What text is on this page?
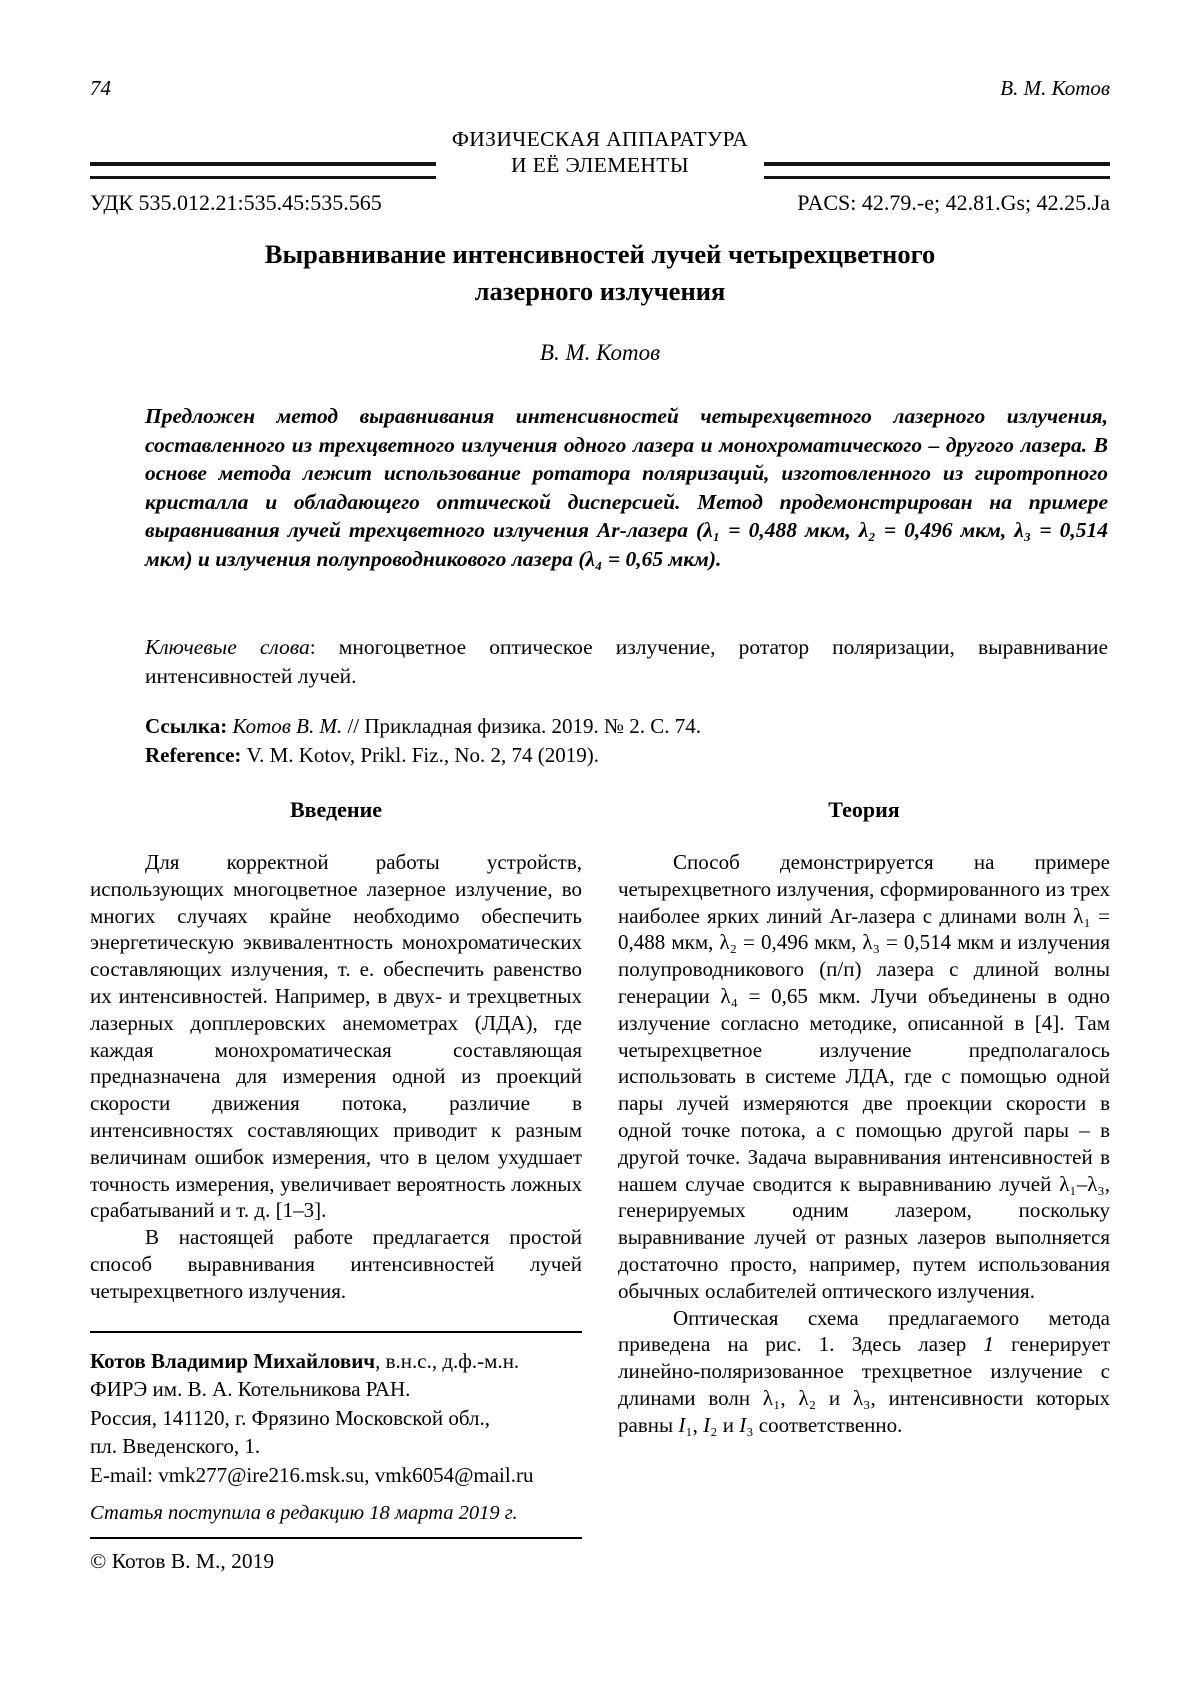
74	В. М. Котов
ФИЗИЧЕСКАЯ АППАРАТУРА
И ЕЁ ЭЛЕМЕНТЫ
УДК 535.012.21:535.45:535.565	PACS: 42.79.-e; 42.81.Gs; 42.25.Ja
Выравнивание интенсивностей лучей четырехцветного
лазерного излучения
В. М. Котов
Предложен метод выравнивания интенсивностей четырехцветного лазерного излучения, составленного из трехцветного излучения одного лазера и монохроматического – другого лазера. В основе метода лежит использование ротатора поляризаций, изготовленного из гиротропного кристалла и обладающего оптической дисперсией. Метод продемонстрирован на примере выравнивания лучей трехцветного излучения Ar-лазера (λ₁ = 0,488 мкм, λ₂ = 0,496 мкм, λ₃ = 0,514 мкм) и излучения полупроводникового лазера (λ₄ = 0,65 мкм).
Ключевые слова: многоцветное оптическое излучение, ротатор поляризации, выравнивание интенсивностей лучей.
Ссылка: Котов В. М. // Прикладная физика. 2019. № 2. С. 74.
Reference: V. M. Kotov, Prikl. Fiz., No. 2, 74 (2019).
Введение

Для корректной работы устройств, использующих многоцветное лазерное излучение, во многих случаях крайне необходимо обеспечить энергетическую эквивалентность монохроматических составляющих излучения, т. е. обеспечить равенство их интенсивностей. Например, в двух- и трехцветных лазерных допплеровских анемометрах (ЛДА), где каждая монохроматическая составляющая предназначена для измерения одной из проекций скорости движения потока, различие в интенсивностях составляющих приводит к разным величинам ошибок измерения, что в целом ухудшает точность измерения, увеличивает вероятность ложных срабатываний и т. д. [1–3].

В настоящей работе предлагается простой способ выравнивания интенсивностей лучей четырехцветного излучения.

Котов Владимир Михайлович, в.н.с., д.ф.-м.н.
ФИРЭ им. В. А. Котельникова РАН.
Россия, 141120, г. Фрязино Московской обл.,
пл. Введенского, 1.
E-mail: vmk277@ire216.msk.su, vmk6054@mail.ru
Статья поступила в редакцию 18 марта 2019 г.
© Котов В. М., 2019
Теория

Способ демонстрируется на примере четырехцветного излучения, сформированного из трех наиболее ярких линий Ar-лазера с длинами волн λ₁ = 0,488 мкм, λ₂ = 0,496 мкм, λ₃ = 0,514 мкм и излучения полупроводникового (п/п) лазера с длиной волны генерации λ₄ = 0,65 мкм. Лучи объединены в одно излучение согласно методике, описанной в [4]. Там четырехцветное излучение предполагалось использовать в системе ЛДА, где с помощью одной пары лучей измеряются две проекции скорости в одной точке потока, а с помощью другой пары – в другой точке. Задача выравнивания интенсивностей в нашем случае сводится к выравниванию лучей λ₁–λ₃, генерируемых одним лазером, поскольку выравнивание лучей от разных лазеров выполняется достаточно просто, например, путем использования обычных ослабителей оптического излучения.

Оптическая схема предлагаемого метода приведена на рис. 1. Здесь лазер 1 генерирует линейно-поляризованное трехцветное излучение с длинами волн λ₁, λ₂ и λ₃, интенсивности которых равны I₁, I₂ и I₃ соответственно.
